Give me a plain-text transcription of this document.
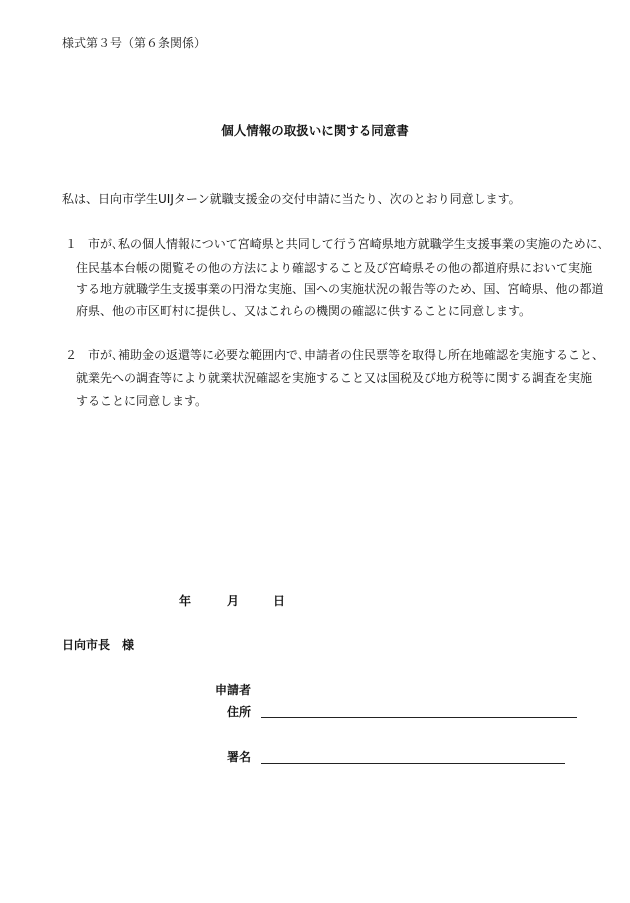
様式第３号（第６条関係）
個人情報の取扱いに関する同意書
私は、日向市学生UIJターン就職支援金の交付申請に当たり、次のとおり同意します。
１ 市が､私の個人情報について宮崎県と共同して行う宮崎県地方就職学生支援事業の実施のために､
住民基本台帳の閲覧その他の方法により確認すること及び宮崎県その他の都道府県において実施
する地方就職学生支援事業の円滑な実施、国への実施状況の報告等のため、国、宮崎県、他の都道
府県、他の市区町村に提供し、又はこれらの機関の確認に供することに同意します。
２ 市が､補助金の返還等に必要な範囲内で､申請者の住民票等を取得し所在地確認を実施すること、
就業先への調査等により就業状況確認を実施すること又は国税及び地方税等に関する調査を実施
することに同意します。
年	月	日
日向市長　様
申請者
住所
署名
